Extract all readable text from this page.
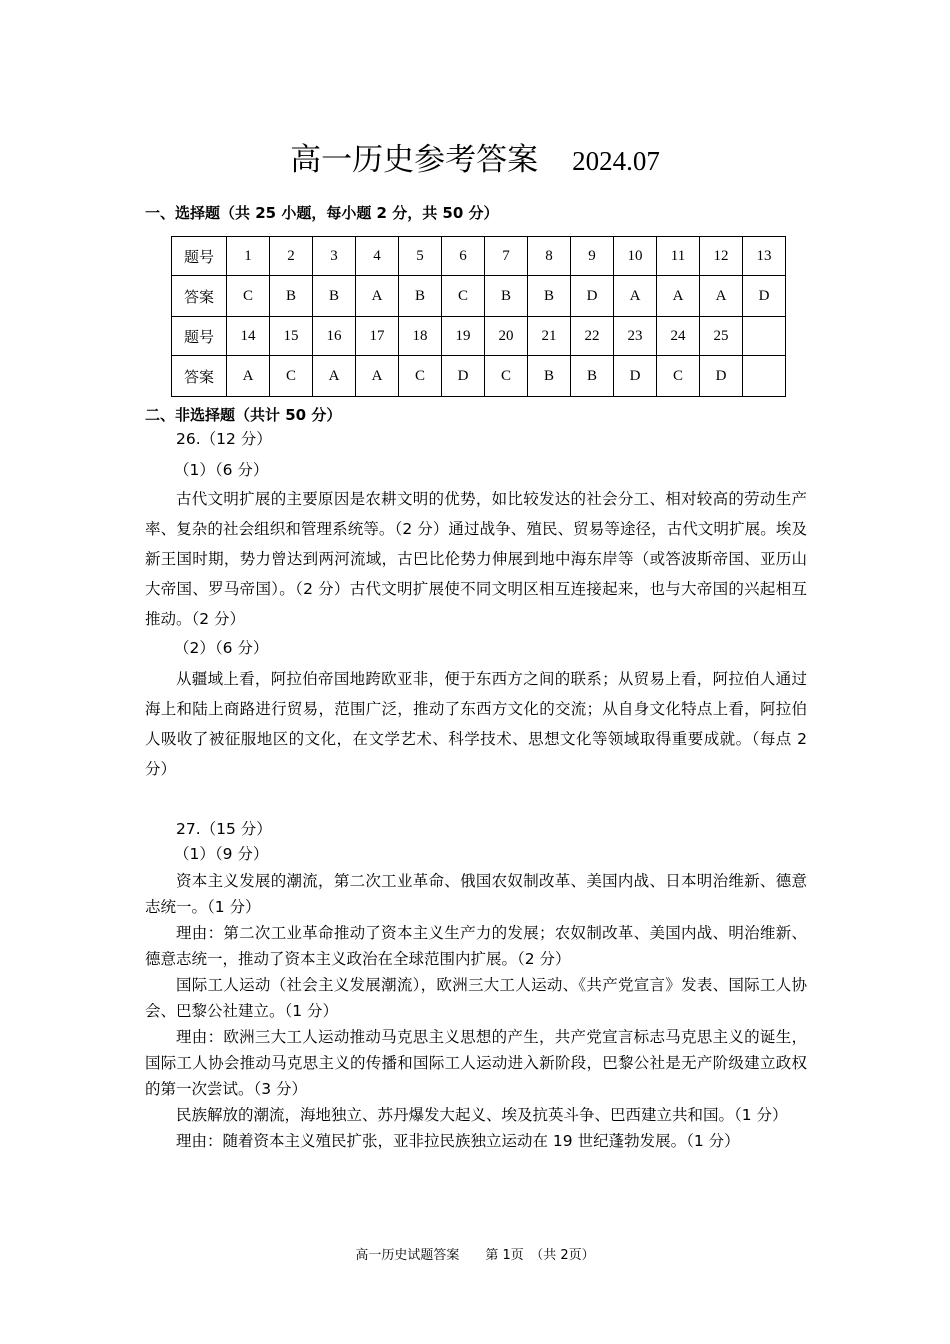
高一历史参考答案 2024.07
一、选择题（共 25 小题，每小题 2 分，共 50 分）
题号	1	2	3	4	5	6	7	8	9	10	11	12	13
答案	C	B	B	A	B	C	B	B	D	A	A	A	D
题号	14	15	16	17	18	19	20	21	22	23	24	25	
答案	A	C	A	A	C	D	C	B	B	D	C	D	
二、非选择题（共计 50 分）
26.（12 分）
（1）（6 分）

古代文明扩展的主要原因是农耕文明的优势，如比较发达的社会分工、相对较高的劳动生产率、复杂的社会组织和管理系统等。（2 分）通过战争、殖民、贸易等途径，古代文明扩展。埃及新王国时期，势力曾达到两河流域，古巴比伦势力伸展到地中海东岸等（或答波斯帝国、亚历山大帝国、罗马帝国）。（2 分）古代文明扩展使不同文明区相互连接起来，也与大帝国的兴起相互推动。（2 分）

（2）（6 分）

从疆域上看，阿拉伯帝国地跨欧亚非，便于东西方之间的联系；从贸易上看，阿拉伯人通过海上和陆上商路进行贸易，范围广泛，推动了东西方文化的交流；从自身文化特点上看，阿拉伯人吸收了被征服地区的文化，在文学艺术、科学技术、思想文化等领域取得重要成就。（每点 2 分）

27.（15 分）
（1）（9 分）

资本主义发展的潮流，第二次工业革命、俄国农奴制改革、美国内战、日本明治维新、德意志统一。（1 分）

理由：第二次工业革命推动了资本主义生产力的发展；农奴制改革、美国内战、明治维新、德意志统一，推动了资本主义政治在全球范围内扩展。（2 分）

国际工人运动（社会主义发展潮流），欧洲三大工人运动、《共产党宣言》发表、国际工人协会、巴黎公社建立。（1 分）

理由：欧洲三大工人运动推动马克思主义思想的产生，共产党宣言标志马克思主义的诞生，国际工人协会推动马克思主义的传播和国际工人运动进入新阶段，巴黎公社是无产阶级建立政权的第一次尝试。（3 分）

民族解放的潮流，海地独立、苏丹爆发大起义、埃及抗英斗争、巴西建立共和国。（1 分）

理由：随着资本主义殖民扩张，亚非拉民族独立运动在 19 世纪蓬勃发展。（1 分）

高一历史试题答案　　第 1页　（共 2页）
